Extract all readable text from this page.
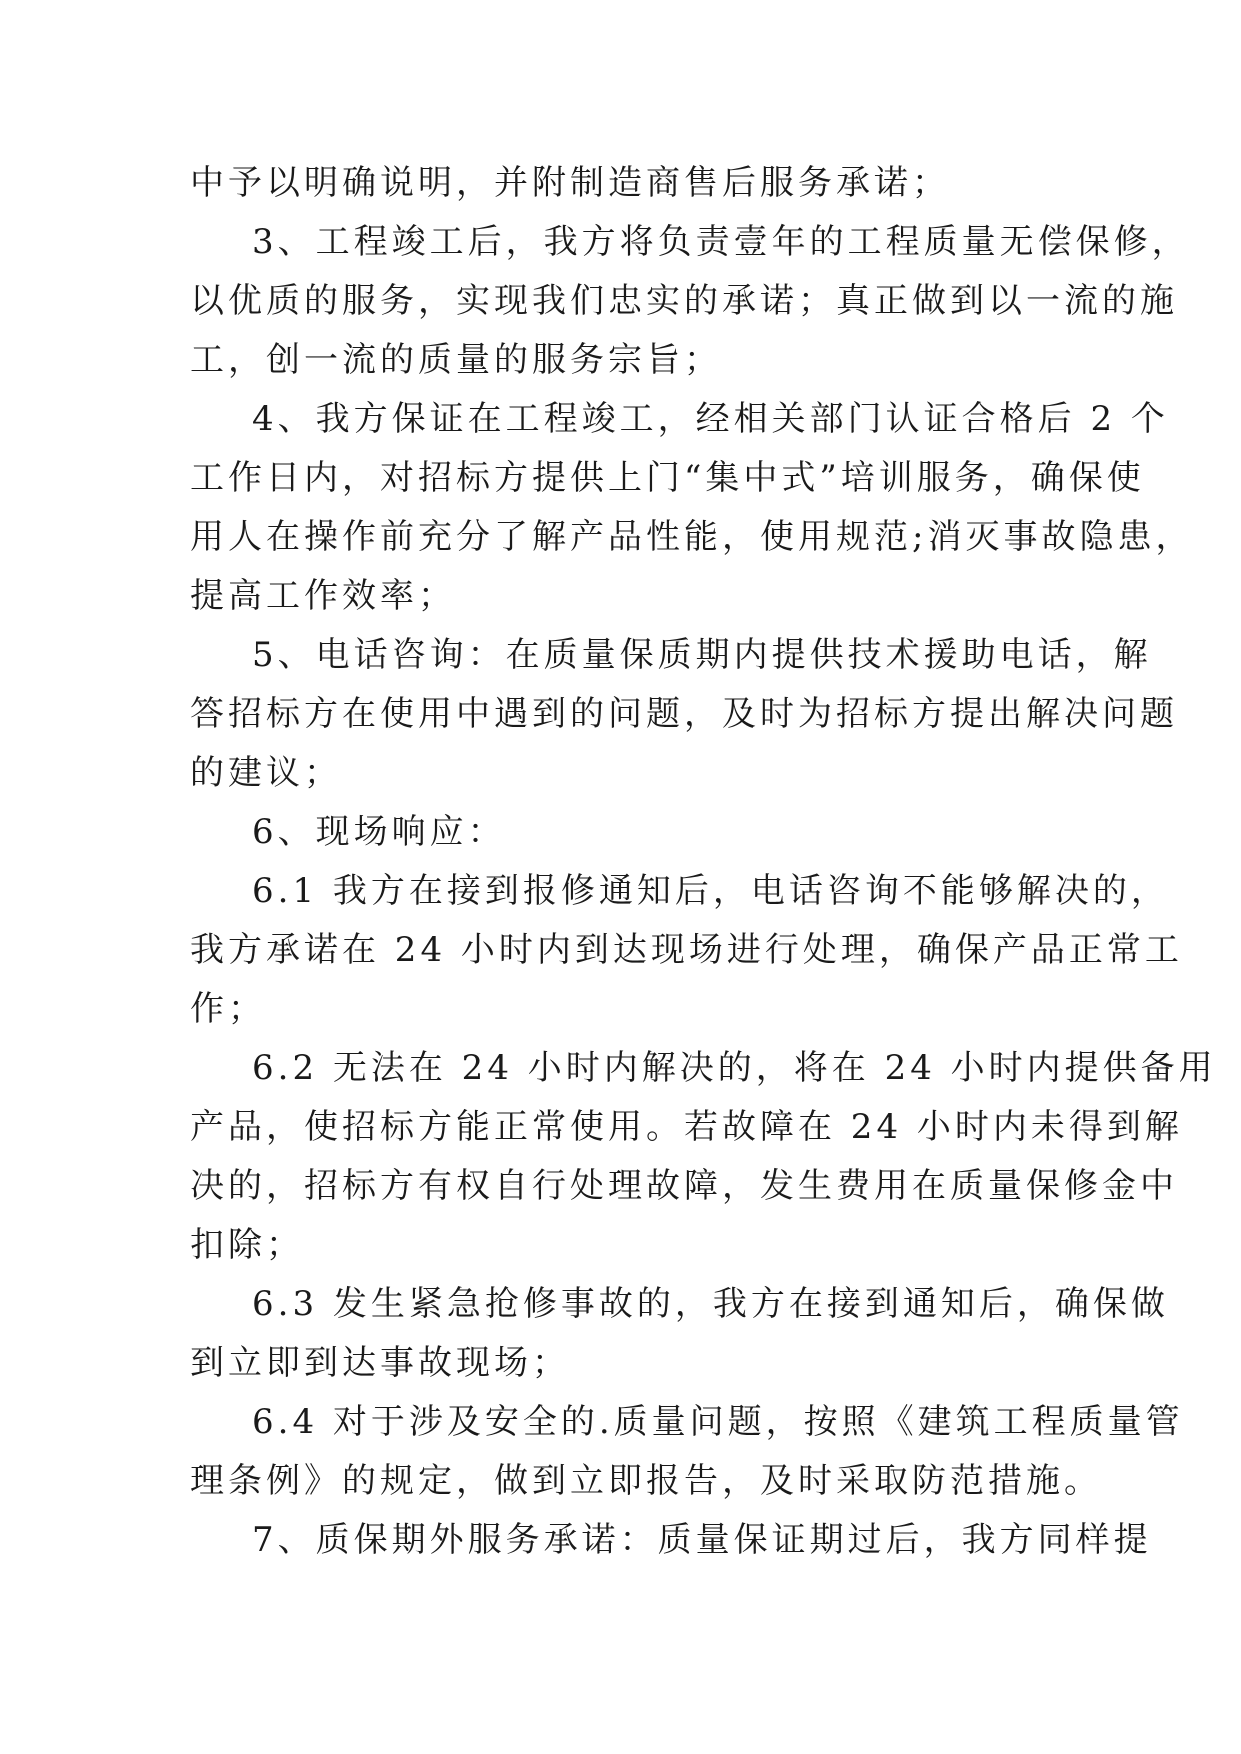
中予以明确说明，并附制造商售后服务承诺；
3、工程竣工后，我方将负责壹年的工程质量无偿保修，
以优质的服务，实现我们忠实的承诺；真正做到以一流的施
工，创一流的质量的服务宗旨；
4、我方保证在工程竣工，经相关部门认证合格后 2 个
工作日内，对招标方提供上门“集中式”培训服务，确保使
用人在操作前充分了解产品性能，使用规范;消灭事故隐患，
提高工作效率；
5、电话咨询：在质量保质期内提供技术援助电话，解
答招标方在使用中遇到的问题，及时为招标方提出解决问题
的建议；
6、现场响应：
6.1 我方在接到报修通知后，电话咨询不能够解决的，
我方承诺在 24 小时内到达现场进行处理，确保产品正常工
作；
6.2 无法在 24 小时内解决的，将在 24 小时内提供备用
产品，使招标方能正常使用。若故障在 24 小时内未得到解
决的，招标方有权自行处理故障，发生费用在质量保修金中
扣除；
6.3 发生紧急抢修事故的，我方在接到通知后，确保做
到立即到达事故现场；
6.4 对于涉及安全的.质量问题，按照《建筑工程质量管
理条例》的规定，做到立即报告，及时采取防范措施。
7、质保期外服务承诺：质量保证期过后，我方同样提
